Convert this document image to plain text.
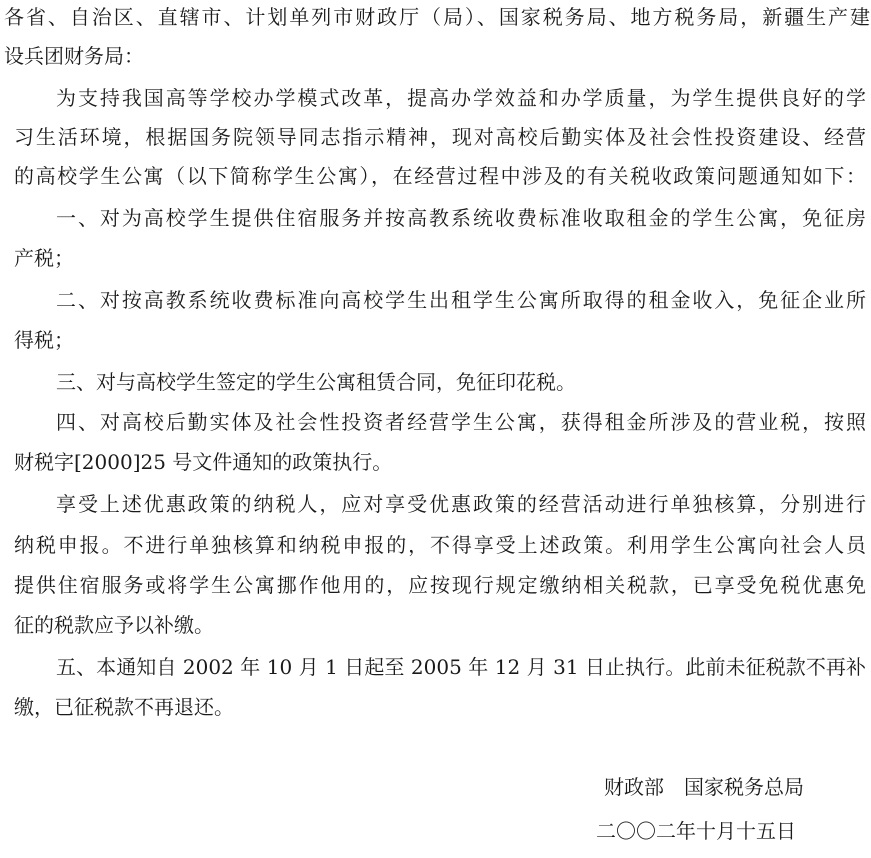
各省、自治区、直辖市、计划单列市财政厅（局）、国家税务局、地方税务局，新疆生产建
设兵团财务局：
为支持我国高等学校办学模式改革，提高办学效益和办学质量，为学生提供良好的学
习生活环境，根据国务院领导同志指示精神，现对高校后勤实体及社会性投资建设、经营
的高校学生公寓（以下简称学生公寓），在经营过程中涉及的有关税收政策问题通知如下：
一、对为高校学生提供住宿服务并按高教系统收费标准收取租金的学生公寓，免征房
产税；
二、对按高教系统收费标准向高校学生出租学生公寓所取得的租金收入，免征企业所
得税；
三、对与高校学生签定的学生公寓租赁合同，免征印花税。
四、对高校后勤实体及社会性投资者经营学生公寓，获得租金所涉及的营业税，按照
财税字[2000]25 号文件通知的政策执行。
享受上述优惠政策的纳税人，应对享受优惠政策的经营活动进行单独核算，分别进行
纳税申报。不进行单独核算和纳税申报的，不得享受上述政策。利用学生公寓向社会人员
提供住宿服务或将学生公寓挪作他用的，应按现行规定缴纳相关税款，已享受免税优惠免
征的税款应予以补缴。
五、本通知自 2002 年 10 月 1 日起至 2005 年 12 月 31 日止执行。此前未征税款不再补
缴，已征税款不再退还。
财政部　国家税务总局
二〇〇二年十月十五日
